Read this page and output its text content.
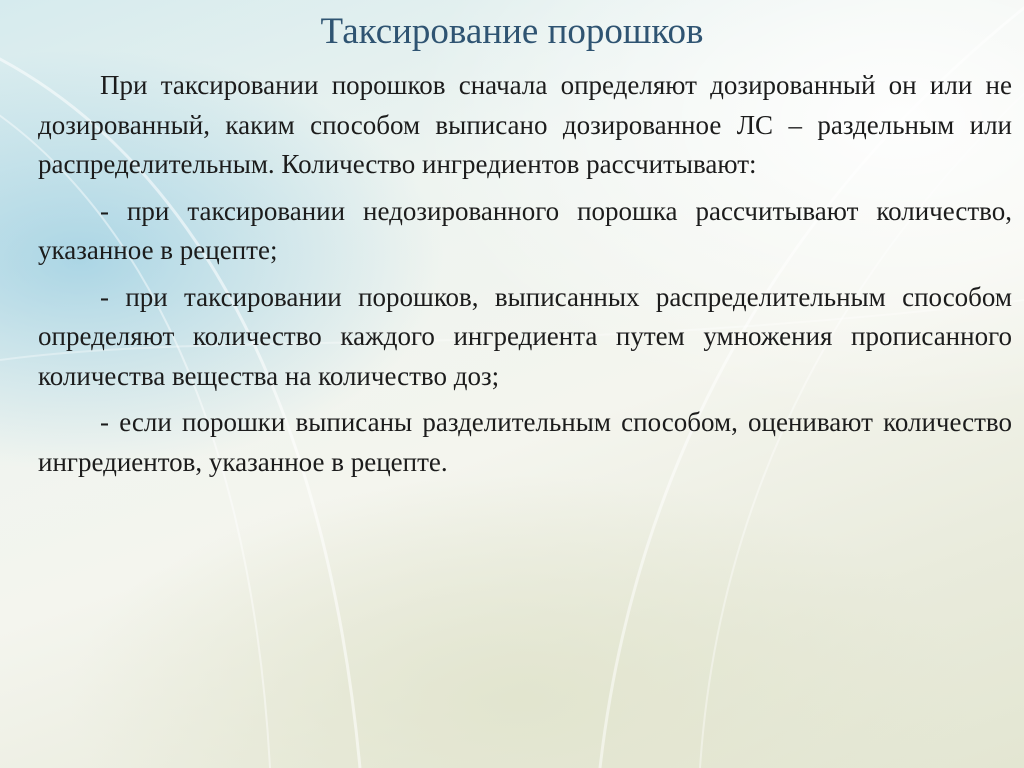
Таксирование порошков

При таксировании порошков сначала определяют дозированный он или не дозированный, каким способом выписано дозированное ЛС – раздельным или распределительным. Количество ингредиентов рассчитывают:

- при таксировании недозированного порошка рассчитывают количество, указанное в рецепте;

- при таксировании порошков, выписанных распределительным способом определяют количество каждого ингредиента путем умножения прописанного количества вещества на количество доз;

- если порошки выписаны разделительным способом, оценивают количество ингредиентов, указанное в рецепте.
